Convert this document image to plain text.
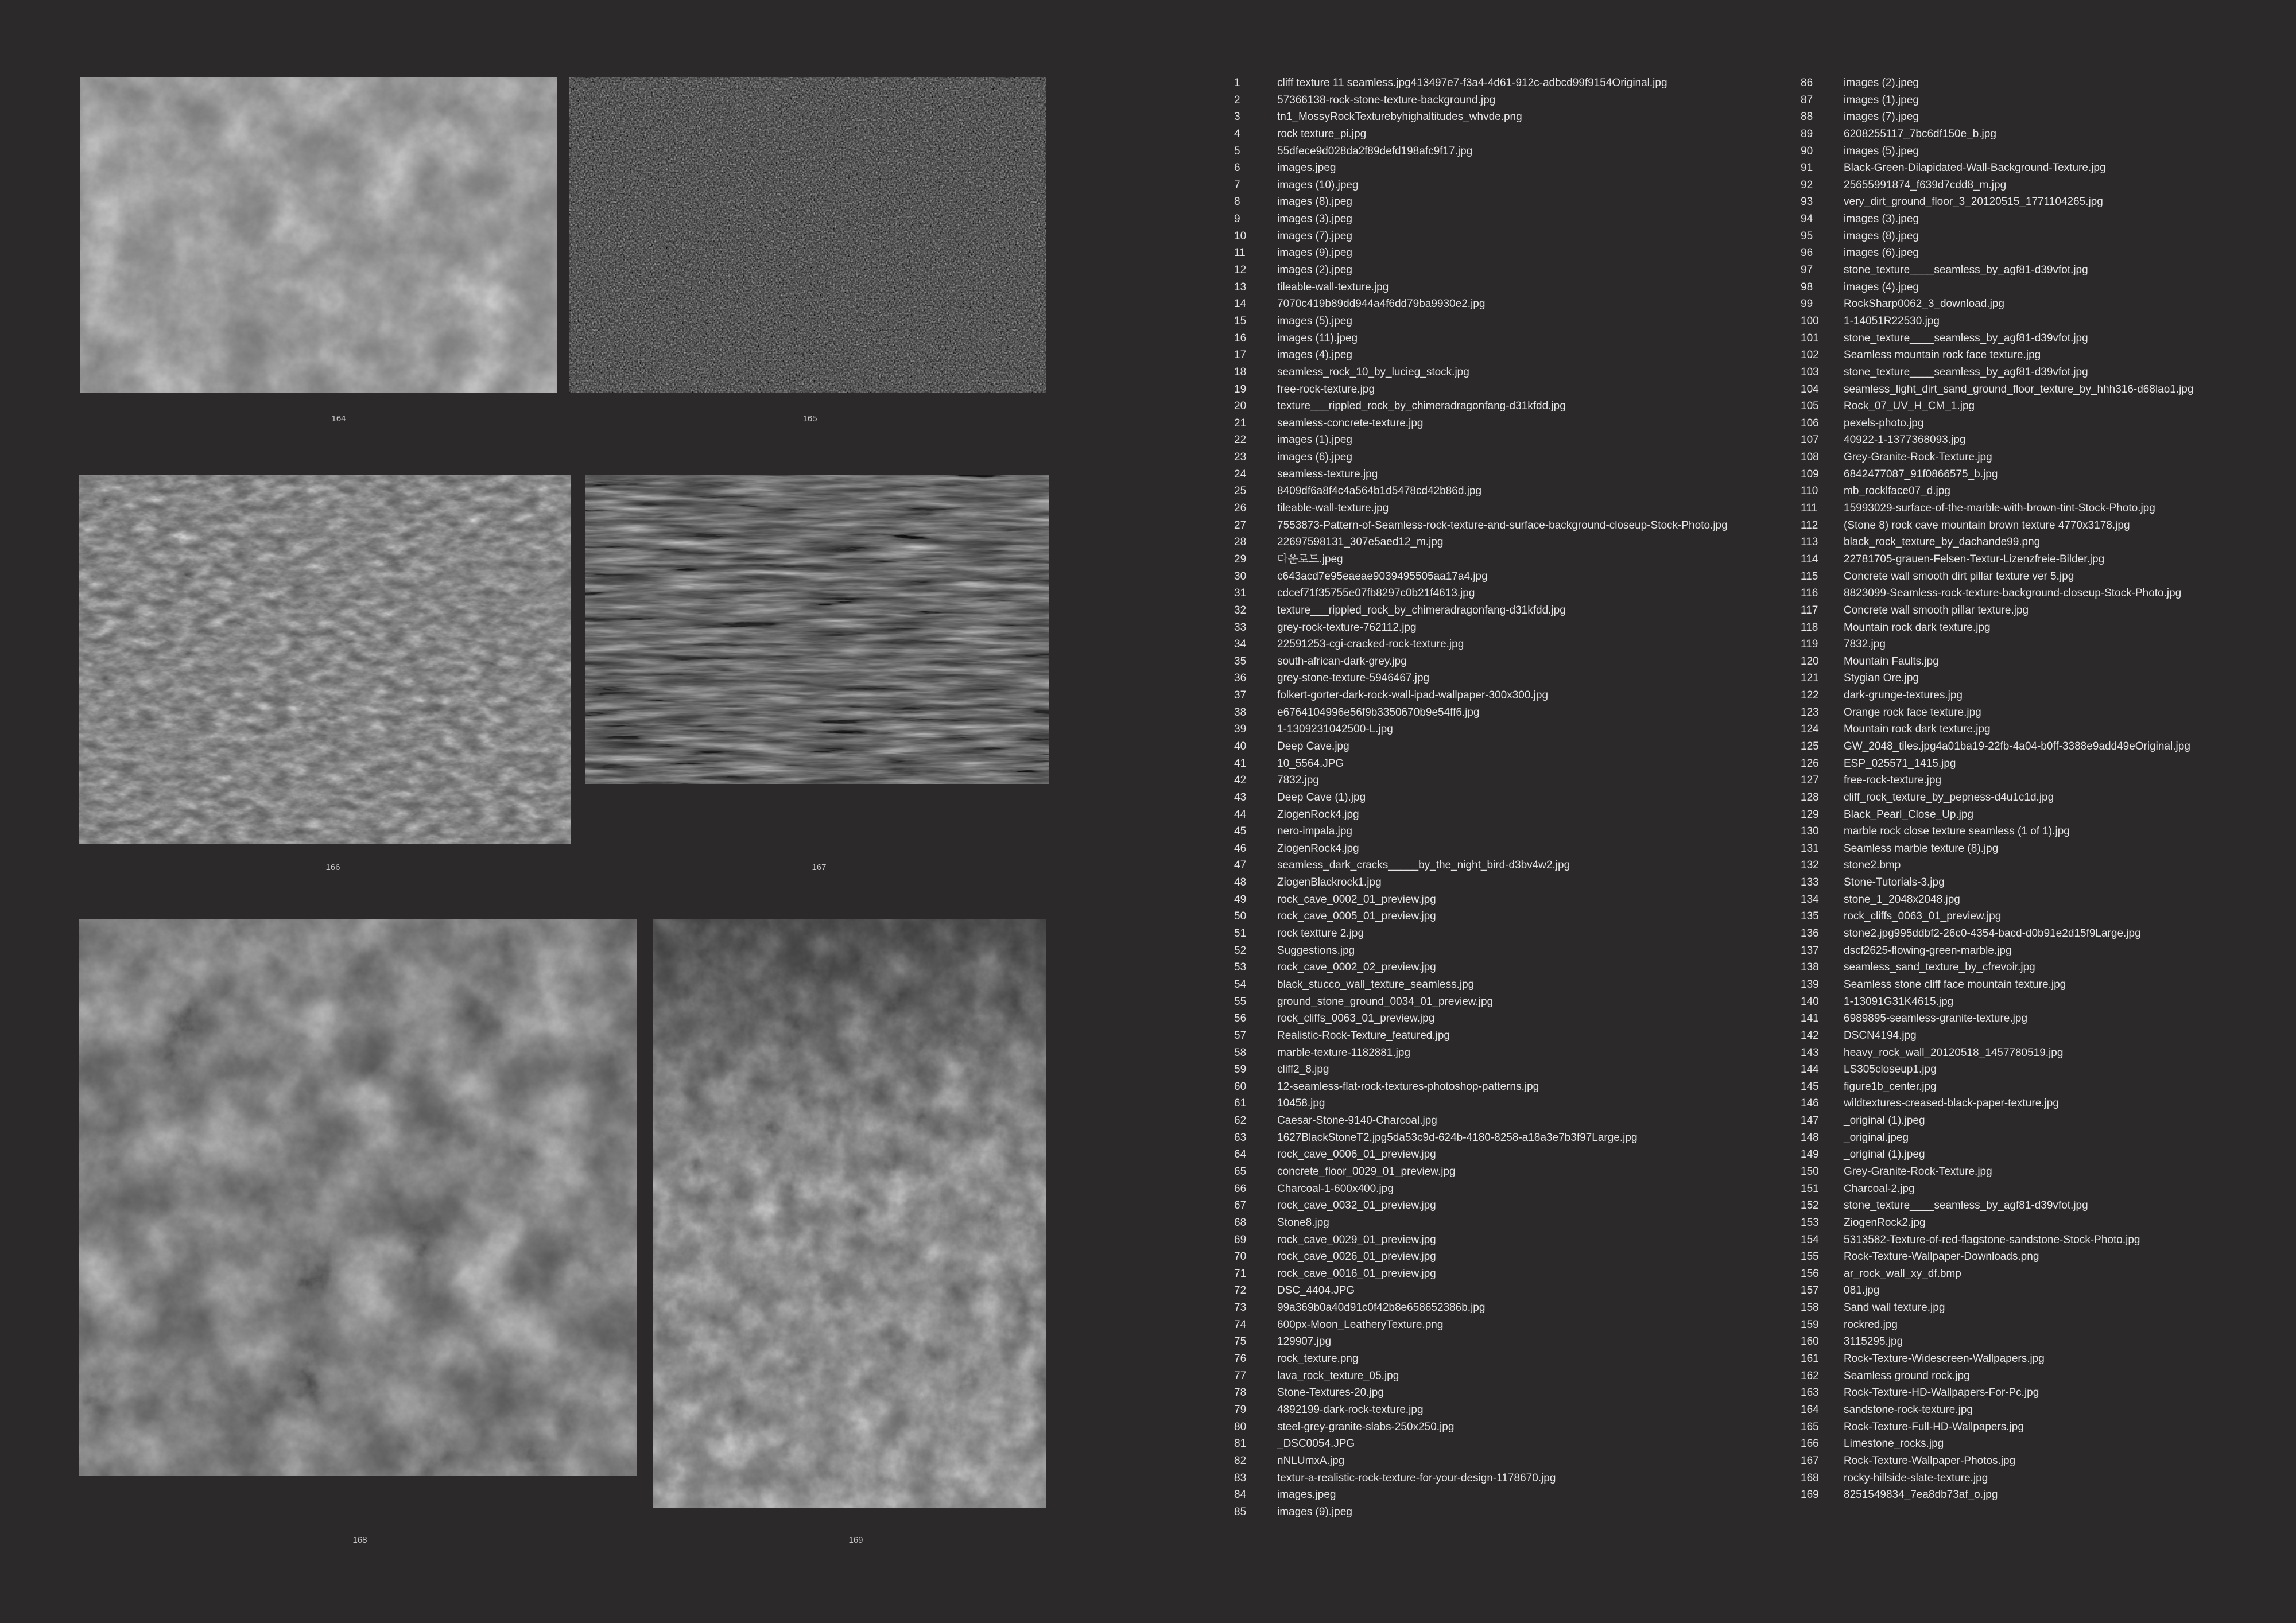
164	165
166	167
168	169
1	cliff texture 11 seamless.jpg413497e7-f3a4-4d61-912c-adbcd99f9154Original.jpg
2	57366138-rock-stone-texture-background.jpg
3	tn1_MossyRockTexturebyhighaltitudes_whvde.png
4	rock texture_pi.jpg
5	55dfece9d028da2f89defd198afc9f17.jpg
6	images.jpeg
7	images (10).jpeg
8	images (8).jpeg
9	images (3).jpeg
10	images (7).jpeg
11	images (9).jpeg
12	images (2).jpeg
13	tileable-wall-texture.jpg
14	7070c419b89dd944a4f6dd79ba9930e2.jpg
15	images (5).jpeg
16	images (11).jpeg
17	images (4).jpeg
18	seamless_rock_10_by_lucieg_stock.jpg
19	free-rock-texture.jpg
20	texture___rippled_rock_by_chimeradragonfang-d31kfdd.jpg
21	seamless-concrete-texture.jpg
22	images (1).jpeg
23	images (6).jpeg
24	seamless-texture.jpg
25	8409df6a8f4c4a564b1d5478cd42b86d.jpg
26	tileable-wall-texture.jpg
27	7553873-Pattern-of-Seamless-rock-texture-and-surface-background-closeup-Stock-Photo.jpg
28	22697598131_307e5aed12_m.jpg
29	다운로드.jpeg
30	c643acd7e95eaeae9039495505aa17a4.jpg
31	cdcef71f35755e07fb8297c0b21f4613.jpg
32	texture___rippled_rock_by_chimeradragonfang-d31kfdd.jpg
33	grey-rock-texture-762112.jpg
34	22591253-cgi-cracked-rock-texture.jpg
35	south-african-dark-grey.jpg
36	grey-stone-texture-5946467.jpg
37	folkert-gorter-dark-rock-wall-ipad-wallpaper-300x300.jpg
38	e6764104996e56f9b3350670b9e54ff6.jpg
39	1-1309231042500-L.jpg
40	Deep Cave.jpg
41	10_5564.JPG
42	7832.jpg
43	Deep Cave (1).jpg
44	ZiogenRock4.jpg
45	nero-impala.jpg
46	ZiogenRock4.jpg
47	seamless_dark_cracks_____by_the_night_bird-d3bv4w2.jpg
48	ZiogenBlackrock1.jpg
49	rock_cave_0002_01_preview.jpg
50	rock_cave_0005_01_preview.jpg
51	rock textture 2.jpg
52	Suggestions.jpg
53	rock_cave_0002_02_preview.jpg
54	black_stucco_wall_texture_seamless.jpg
55	ground_stone_ground_0034_01_preview.jpg
56	rock_cliffs_0063_01_preview.jpg
57	Realistic-Rock-Texture_featured.jpg
58	marble-texture-1182881.jpg
59	cliff2_8.jpg
60	12-seamless-flat-rock-textures-photoshop-patterns.jpg
61	10458.jpg
62	Caesar-Stone-9140-Charcoal.jpg
63	1627BlackStoneT2.jpg5da53c9d-624b-4180-8258-a18a3e7b3f97Large.jpg
64	rock_cave_0006_01_preview.jpg
65	concrete_floor_0029_01_preview.jpg
66	Charcoal-1-600x400.jpg
67	rock_cave_0032_01_preview.jpg
68	Stone8.jpg
69	rock_cave_0029_01_preview.jpg
70	rock_cave_0026_01_preview.jpg
71	rock_cave_0016_01_preview.jpg
72	DSC_4404.JPG
73	99a369b0a40d91c0f42b8e658652386b.jpg
74	600px-Moon_LeatheryTexture.png
75	129907.jpg
76	rock_texture.png
77	lava_rock_texture_05.jpg
78	Stone-Textures-20.jpg
79	4892199-dark-rock-texture.jpg
80	steel-grey-granite-slabs-250x250.jpg
81	_DSC0054.JPG
82	nNLUmxA.jpg
83	textur-a-realistic-rock-texture-for-your-design-1178670.jpg
84	images.jpeg
85	images (9).jpeg
86	images (2).jpeg
87	images (1).jpeg
88	images (7).jpeg
89	6208255117_7bc6df150e_b.jpg
90	images (5).jpeg
91	Black-Green-Dilapidated-Wall-Background-Texture.jpg
92	25655991874_f639d7cdd8_m.jpg
93	very_dirt_ground_floor_3_20120515_1771104265.jpg
94	images (3).jpeg
95	images (8).jpeg
96	images (6).jpeg
97	stone_texture____seamless_by_agf81-d39vfot.jpg
98	images (4).jpeg
99	RockSharp0062_3_download.jpg
100 1-14051R22530.jpg
101 stone_texture____seamless_by_agf81-d39vfot.jpg
102 Seamless mountain rock face texture.jpg
103 stone_texture____seamless_by_agf81-d39vfot.jpg
104 seamless_light_dirt_sand_ground_floor_texture_by_hhh316-d68lao1.jpg
105 Rock_07_UV_H_CM_1.jpg
106 pexels-photo.jpg
107 40922-1-1377368093.jpg
108 Grey-Granite-Rock-Texture.jpg
109 6842477087_91f0866575_b.jpg
110 mb_rocklface07_d.jpg
111 15993029-surface-of-the-marble-with-brown-tint-Stock-Photo.jpg
112 (Stone 8) rock cave mountain brown texture 4770x3178.jpg
113 black_rock_texture_by_dachande99.png
114 22781705-grauen-Felsen-Textur-Lizenzfreie-Bilder.jpg
115 Concrete wall smooth dirt pillar texture ver 5.jpg
116 8823099-Seamless-rock-texture-background-closeup-Stock-Photo.jpg
117 Concrete wall smooth pillar texture.jpg
118 Mountain rock dark texture.jpg
119 7832.jpg
120 Mountain Faults.jpg
121 Stygian Ore.jpg
122 dark-grunge-textures.jpg
123 Orange rock face texture.jpg
124 Mountain rock dark texture.jpg
125 GW_2048_tiles.jpg4a01ba19-22fb-4a04-b0ff-3388e9add49eOriginal.jpg
126 ESP_025571_1415.jpg
127 free-rock-texture.jpg
128 cliff_rock_texture_by_pepness-d4u1c1d.jpg
129 Black_Pearl_Close_Up.jpg
130 marble rock close texture seamless (1 of 1).jpg
131 Seamless marble texture (8).jpg
132 stone2.bmp
133 Stone-Tutorials-3.jpg
134 stone_1_2048x2048.jpg
135 rock_cliffs_0063_01_preview.jpg
136 stone2.jpg995ddbf2-26c0-4354-bacd-d0b91e2d15f9Large.jpg
137 dscf2625-flowing-green-marble.jpg
138 seamless_sand_texture_by_cfrevoir.jpg
139 Seamless stone cliff face mountain texture.jpg
140 1-13091G31K4615.jpg
141 6989895-seamless-granite-texture.jpg
142 DSCN4194.jpg
143 heavy_rock_wall_20120518_1457780519.jpg
144 LS305closeup1.jpg
145 figure1b_center.jpg
146 wildtextures-creased-black-paper-texture.jpg
147 _original (1).jpeg
148 _original.jpeg
149 _original (1).jpeg
150 Grey-Granite-Rock-Texture.jpg
151 Charcoal-2.jpg
152 stone_texture____seamless_by_agf81-d39vfot.jpg
153 ZiogenRock2.jpg
154 5313582-Texture-of-red-flagstone-sandstone-Stock-Photo.jpg
155 Rock-Texture-Wallpaper-Downloads.png
156 ar_rock_wall_xy_df.bmp
157 081.jpg
158 Sand wall texture.jpg
159 rockred.jpg
160 3115295.jpg
161 Rock-Texture-Widescreen-Wallpapers.jpg
162 Seamless ground rock.jpg
163 Rock-Texture-HD-Wallpapers-For-Pc.jpg
164 sandstone-rock-texture.jpg
165 Rock-Texture-Full-HD-Wallpapers.jpg
166 Limestone_rocks.jpg
167 Rock-Texture-Wallpaper-Photos.jpg
168 rocky-hillside-slate-texture.jpg
169 8251549834_7ea8db73af_o.jpg
